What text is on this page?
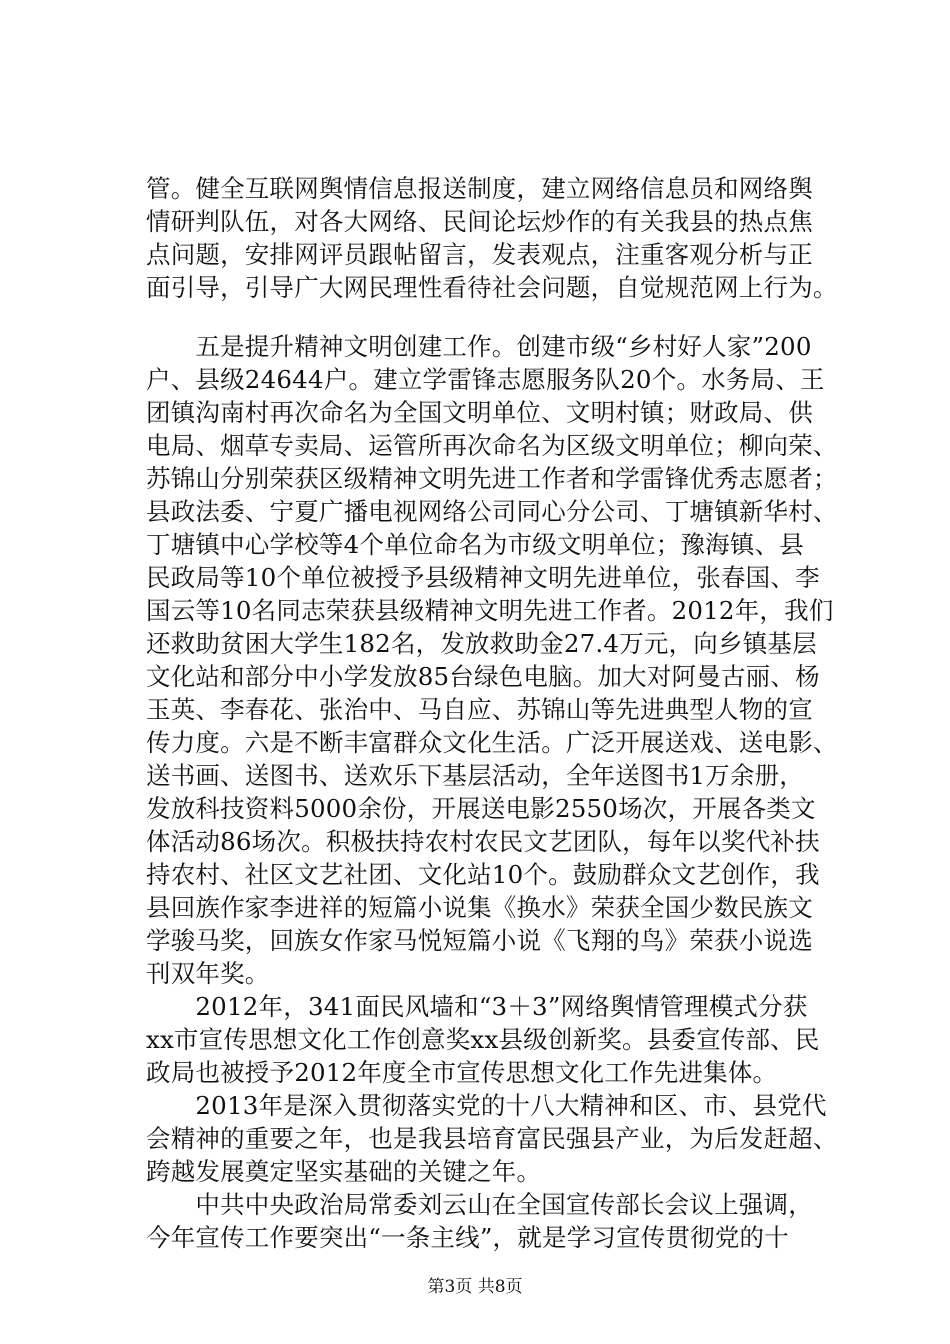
管。健全互联网舆情信息报送制度，建立网络信息员和网络舆
情研判队伍，对各大网络、民间论坛炒作的有关我县的热点焦
点问题，安排网评员跟帖留言，发表观点，注重客观分析与正
面引导，引导广大网民理性看待社会问题，自觉规范网上行为。
　　五是提升精神文明创建工作。创建市级“乡村好人家”200
户、县级24644户。建立学雷锋志愿服务队20个。水务局、王
团镇沟南村再次命名为全国文明单位、文明村镇；财政局、供
电局、烟草专卖局、运管所再次命名为区级文明单位；柳向荣、
苏锦山分别荣获区级精神文明先进工作者和学雷锋优秀志愿者；
县政法委、宁夏广播电视网络公司同心分公司、丁塘镇新华村、
丁塘镇中心学校等4个单位命名为市级文明单位；豫海镇、县
民政局等10个单位被授予县级精神文明先进单位，张春国、李
国云等10名同志荣获县级精神文明先进工作者。2012年，我们
还救助贫困大学生182名，发放救助金27.4万元，向乡镇基层
文化站和部分中小学发放85台绿色电脑。加大对阿曼古丽、杨
玉英、李春花、张治中、马自应、苏锦山等先进典型人物的宣
传力度。六是不断丰富群众文化生活。广泛开展送戏、送电影、
送书画、送图书、送欢乐下基层活动，全年送图书1万余册，
发放科技资料5000余份，开展送电影2550场次，开展各类文
体活动86场次。积极扶持农村农民文艺团队，每年以奖代补扶
持农村、社区文艺社团、文化站10个。鼓励群众文艺创作，我
县回族作家李进祥的短篇小说集《换水》荣获全国少数民族文
学骏马奖，回族女作家马悦短篇小说《飞翔的鸟》荣获小说选
刊双年奖。
　　2012年，341面民风墙和“3＋3”网络舆情管理模式分获
xx市宣传思想文化工作创意奖xx县级创新奖。县委宣传部、民
政局也被授予2012年度全市宣传思想文化工作先进集体。
　　2013年是深入贯彻落实党的十八大精神和区、市、县党代
会精神的重要之年，也是我县培育富民强县产业，为后发赶超、
跨越发展奠定坚实基础的关键之年。
　　中共中央政治局常委刘云山在全国宣传部长会议上强调，
今年宣传工作要突出“一条主线”，就是学习宣传贯彻党的十
第3页 共8页
